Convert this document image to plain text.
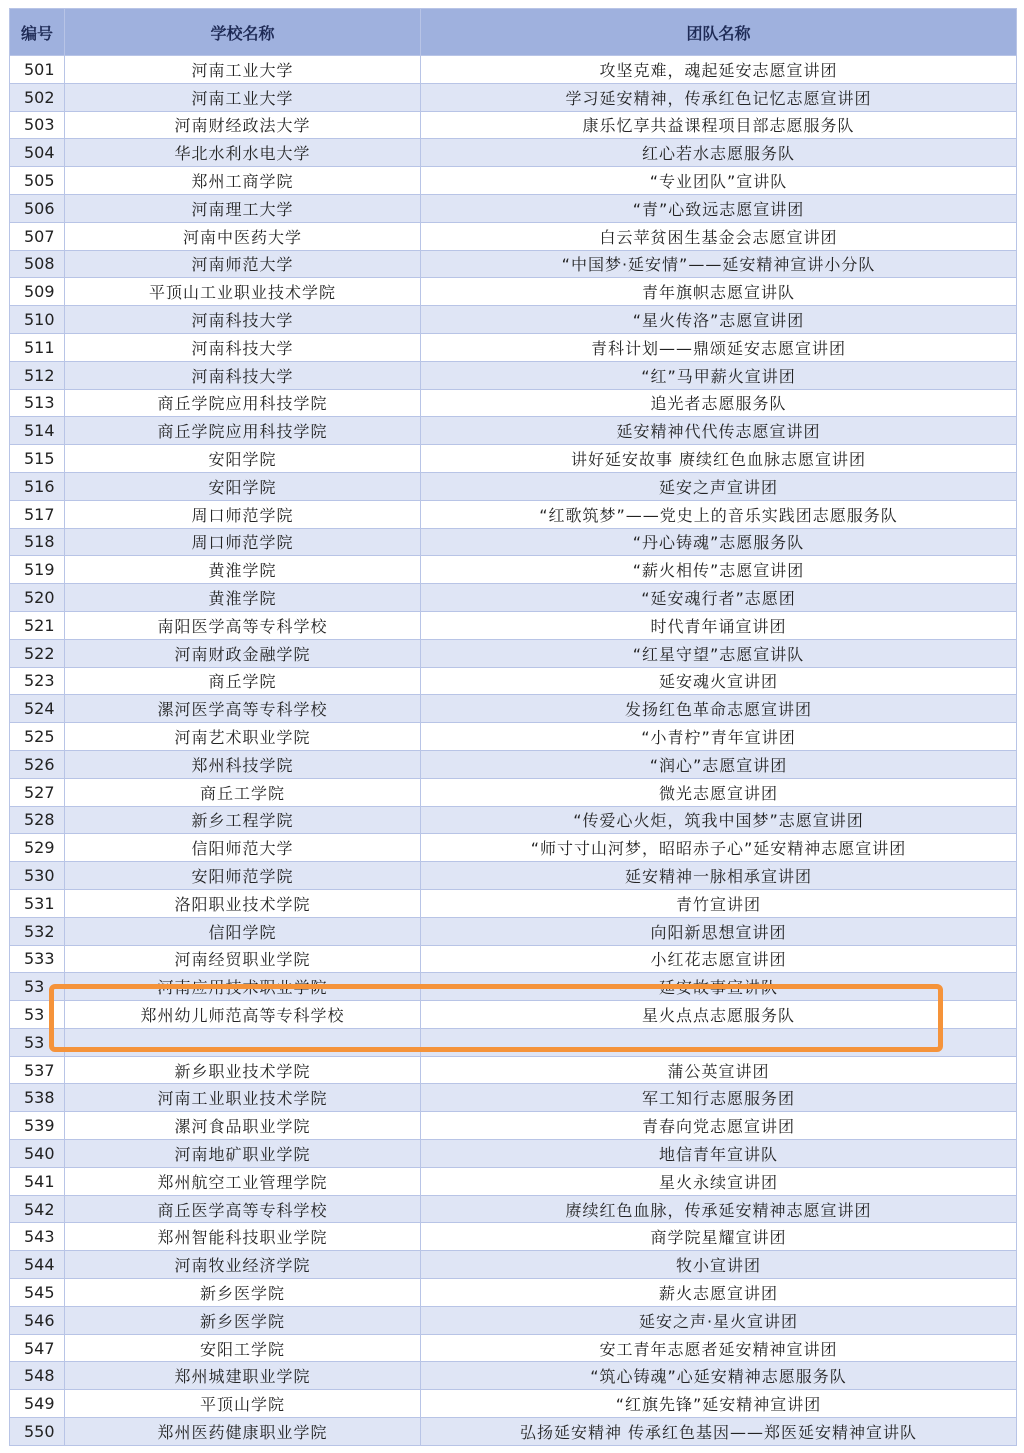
编号	学校名称	团队名称
501	河南工业大学	攻坚克难，魂起延安志愿宣讲团
502	河南工业大学	学习延安精神，传承红色记忆志愿宣讲团
503	河南财经政法大学	康乐忆享共益课程项目部志愿服务队
504	华北水利水电大学	红心若水志愿服务队
505	郑州工商学院	“专业团队”宣讲队
506	河南理工大学	“青”心致远志愿宣讲团
507	河南中医药大学	白云苹贫困生基金会志愿宣讲团
508	河南师范大学	“中国梦·延安情”——延安精神宣讲小分队
509	平顶山工业职业技术学院	青年旗帜志愿宣讲队
510	河南科技大学	“星火传洛”志愿宣讲团
511	河南科技大学	青科计划——鼎颂延安志愿宣讲团
512	河南科技大学	“红”马甲薪火宣讲团
513	商丘学院应用科技学院	追光者志愿服务队
514	商丘学院应用科技学院	延安精神代代传志愿宣讲团
515	安阳学院	讲好延安故事 赓续红色血脉志愿宣讲团
516	安阳学院	延安之声宣讲团
517	周口师范学院	“红歌筑梦”——党史上的音乐实践团志愿服务队
518	周口师范学院	“丹心铸魂”志愿服务队
519	黄淮学院	“薪火相传”志愿宣讲团
520	黄淮学院	“延安魂行者”志愿团
521	南阳医学高等专科学校	时代青年诵宣讲团
522	河南财政金融学院	“红星守望”志愿宣讲队
523	商丘学院	延安魂火宣讲团
524	漯河医学高等专科学校	发扬红色革命志愿宣讲团
525	河南艺术职业学院	“小青柠”青年宣讲团
526	郑州科技学院	“润心”志愿宣讲团
527	商丘工学院	微光志愿宣讲团
528	新乡工程学院	“传爱心火炬，筑我中国梦”志愿宣讲团
529	信阳师范大学	“师寸寸山河梦，昭昭赤子心”延安精神志愿宣讲团
530	安阳师范学院	延安精神一脉相承宣讲团
531	洛阳职业技术学院	青竹宣讲团
532	信阳学院	向阳新思想宣讲团
533	河南经贸职业学院	小红花志愿宣讲团
53	河南应用技术职业学院	延安故事宣讲队
53	郑州幼儿师范高等专科学校	星火点点志愿服务队
53		
537	新乡职业技术学院	蒲公英宣讲团
538	河南工业职业技术学院	军工知行志愿服务团
539	漯河食品职业学院	青春向党志愿宣讲团
540	河南地矿职业学院	地信青年宣讲队
541	郑州航空工业管理学院	星火永续宣讲团
542	商丘医学高等专科学校	赓续红色血脉，传承延安精神志愿宣讲团
543	郑州智能科技职业学院	商学院星耀宣讲团
544	河南牧业经济学院	牧小宣讲团
545	新乡医学院	薪火志愿宣讲团
546	新乡医学院	延安之声·星火宣讲团
547	安阳工学院	安工青年志愿者延安精神宣讲团
548	郑州城建职业学院	“筑心铸魂”心延安精神志愿服务队
549	平顶山学院	“红旗先锋”延安精神宣讲团
550	郑州医药健康职业学院	弘扬延安精神 传承红色基因——郑医延安精神宣讲队
